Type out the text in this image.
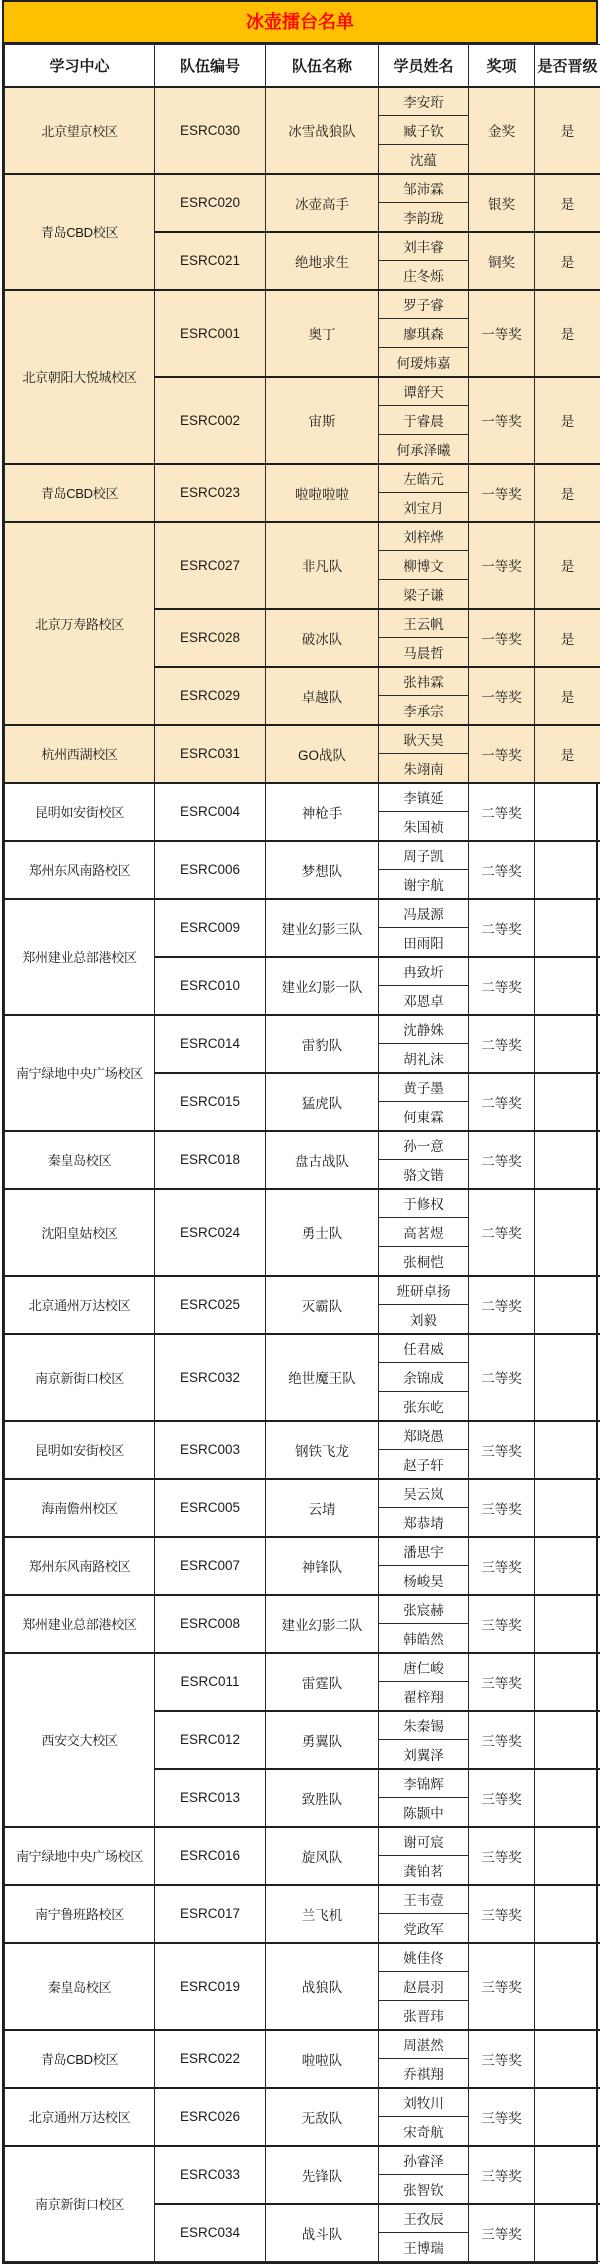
冰壶擂台名单
学习中心	队伍编号	队伍名称	学员姓名	奖项	是否晋级
北京望京校区	ESRC030	冰雪战狼队	李安珩	金奖	是
			臧子钦		
			沈蕴		
青岛CBD校区	ESRC020	冰壶高手	邹沛霖	银奖	是
			李韵珑		
	ESRC021	绝地求生	刘丰睿	铜奖	是
			庄冬烁		
北京朝阳大悦城校区	ESRC001	奥丁	罗子睿	一等奖	是
			廖琪森		
			何瑷炜嘉		
	ESRC002	宙斯	谭舒天	一等奖	是
			于睿晨		
			何承泽曦		
青岛CBD校区	ESRC023	啦啦啦啦	左皓元	一等奖	是
			刘宝月		
北京万寿路校区	ESRC027	非凡队	刘梓烨	一等奖	是
			柳博文		
			梁子谦		
	ESRC028	破冰队	王云帆	一等奖	是
			马晨哲		
	ESRC029	卓越队	张祎霖	一等奖	是
			李承宗		
杭州西湖校区	ESRC031	GO战队	耿天昊	一等奖	是
			朱翊南		
昆明如安街校区	ESRC004	神枪手	李镇延	二等奖	
			朱国祯		
郑州东风南路校区	ESRC006	梦想队	周子凯	二等奖	
			谢宇航		
郑州建业总部港校区	ESRC009	建业幻影三队	冯晟源	二等奖	
			田雨阳		
	ESRC010	建业幻影一队	冉致圻	二等奖	
			邓恩卓		
南宁绿地中央广场校区	ESRC014	雷豹队	沈静姝	二等奖	
			胡礼沫		
	ESRC015	猛虎队	黄子墨	二等奖	
			何東霖		
秦皇岛校区	ESRC018	盘古战队	孙一意	二等奖	
			骆文锴		
沈阳皇姑校区	ESRC024	勇士队	于修权	二等奖	
			高茗煜		
			张桐恺		
北京通州万达校区	ESRC025	灭霸队	班研卓扬	二等奖	
			刘毅		
南京新街口校区	ESRC032	绝世魔王队	任君威	二等奖	
			余锦成		
			张东屹		
昆明如安街校区	ESRC003	钢铁飞龙	郑晓愚	三等奖	
			赵子轩		
海南儋州校区	ESRC005	云埥	吴云岚	三等奖	
			郑恭埥		
郑州东风南路校区	ESRC007	神锋队	潘思宇	三等奖	
			杨峻昊		
郑州建业总部港校区	ESRC008	建业幻影二队	张宸赫	三等奖	
			韩皓然		
西安交大校区	ESRC011	雷霆队	唐仁峻	三等奖	
			翟梓翔		
	ESRC012	勇翼队	朱秦锡	三等奖	
			刘翼泽		
	ESRC013	致胜队	李锦辉	三等奖	
			陈颢中		
南宁绿地中央广场校区	ESRC016	旋风队	谢可宸	三等奖	
			龚铂茗		
南宁鲁班路校区	ESRC017	兰飞机	王韦壹	三等奖	
			党政军		
秦皇岛校区	ESRC019	战狼队	姚佳佟	三等奖	
			赵晨羽		
			张晋玮		
青岛CBD校区	ESRC022	啦啦队	周湛然	三等奖	
			乔祺翔		
北京通州万达校区	ESRC026	无敌队	刘牧川	三等奖	
			宋奇航		
南京新街口校区	ESRC033	先锋队	孙睿泽	三等奖	
			张智钦		
	ESRC034	战斗队	王孜辰	三等奖	
			王博瑞		
